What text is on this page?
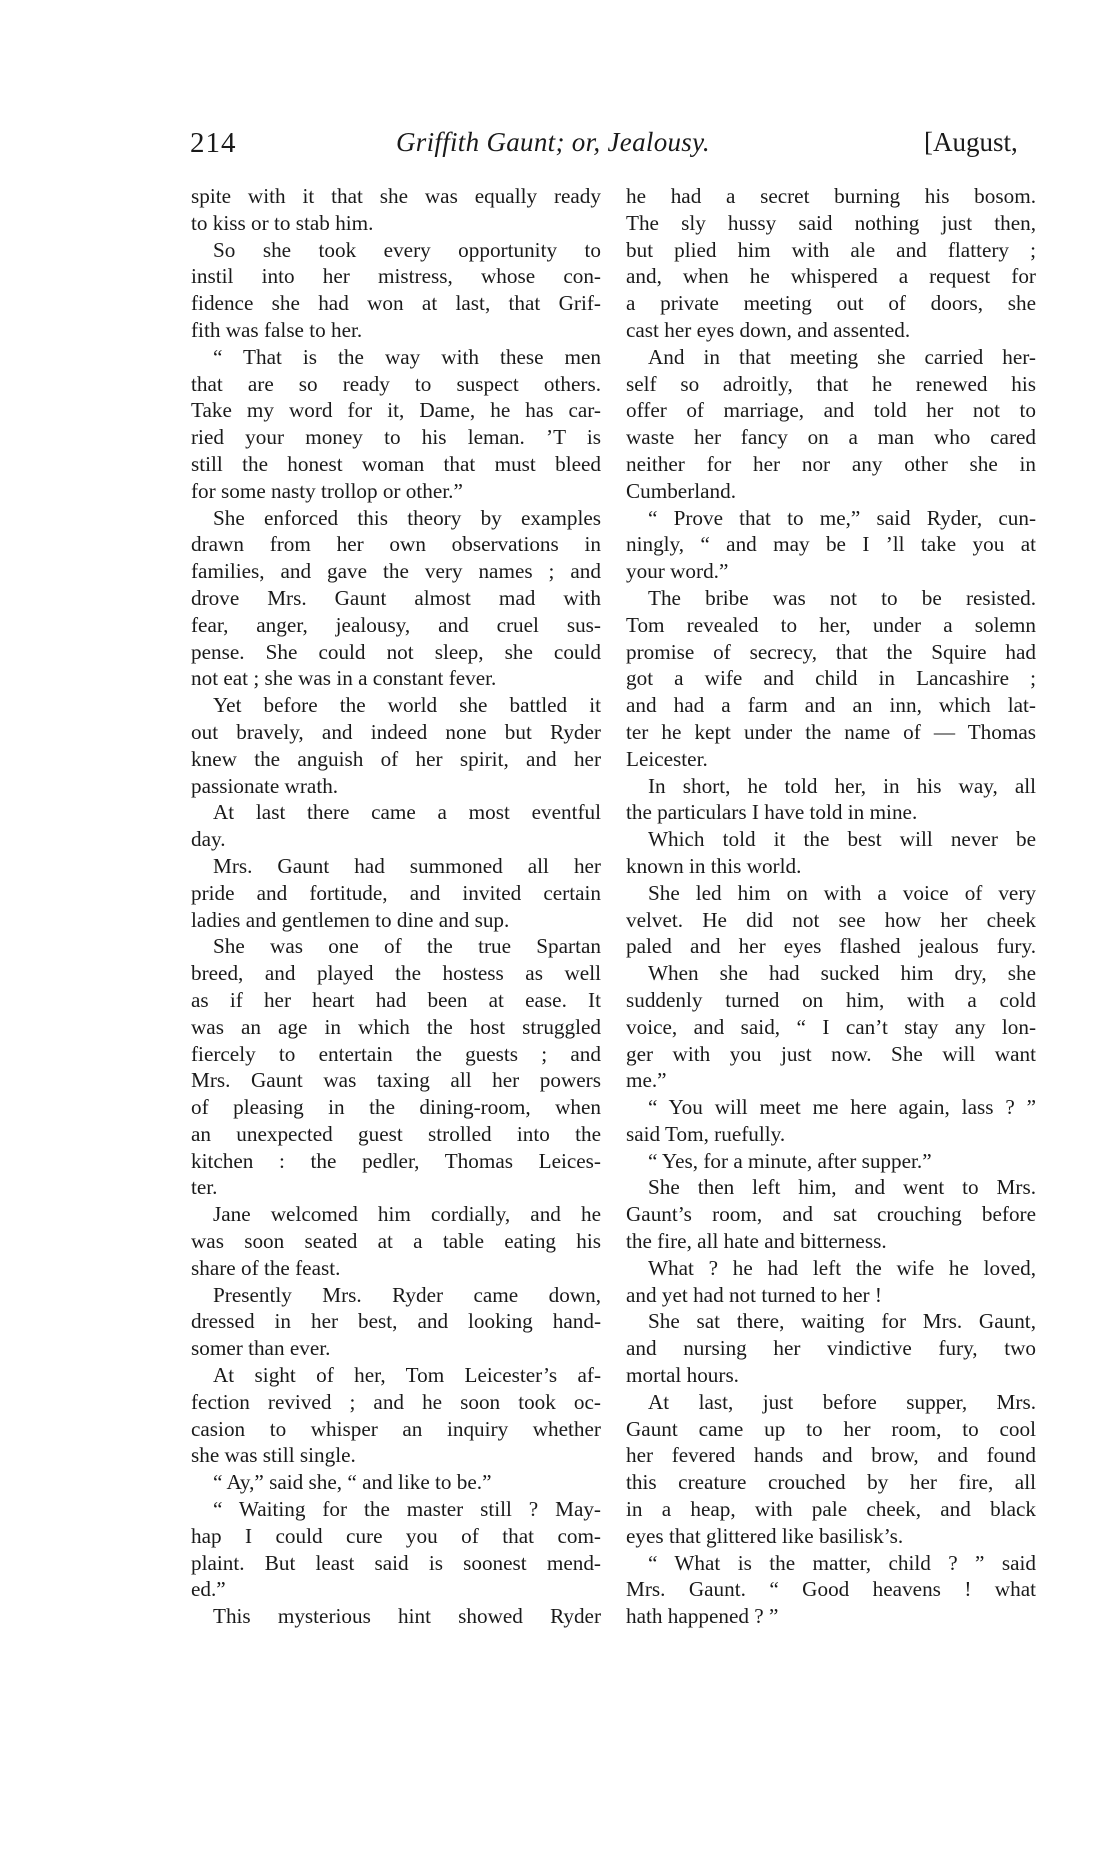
214	Griffith Gaunt; or, Jealousy.	[August,
spite with it that she was equally ready
to kiss or to stab him.
So she took every opportunity to
instil into her mistress, whose con-
fidence she had won at last, that Grif-
fith was false to her.
“ That is the way with these men
that are so ready to suspect others.
Take my word for it, Dame, he has car-
ried your money to his leman. ’T is
still the honest woman that must bleed
for some nasty trollop or other.”
She enforced this theory by examples
drawn from her own observations in
families, and gave the very names ; and
drove Mrs. Gaunt almost mad with
fear, anger, jealousy, and cruel sus-
pense. She could not sleep, she could
not eat ; she was in a constant fever.
Yet before the world she battled it
out bravely, and indeed none but Ryder
knew the anguish of her spirit, and her
passionate wrath.
At last there came a most eventful
day.
Mrs. Gaunt had summoned all her
pride and fortitude, and invited certain
ladies and gentlemen to dine and sup.
She was one of the true Spartan
breed, and played the hostess as well
as if her heart had been at ease. It
was an age in which the host struggled
fiercely to entertain the guests ; and
Mrs. Gaunt was taxing all her powers
of pleasing in the dining-room, when
an unexpected guest strolled into the
kitchen : the pedler, Thomas Leices-
ter.
Jane welcomed him cordially, and he
was soon seated at a table eating his
share of the feast.
Presently Mrs. Ryder came down,
dressed in her best, and looking hand-
somer than ever.
At sight of her, Tom Leicester’s af-
fection revived ; and he soon took oc-
casion to whisper an inquiry whether
she was still single.
“ Ay,” said she, “ and like to be.”
“ Waiting for the master still ? May-
hap I could cure you of that com-
plaint. But least said is soonest mend-
ed.”
This mysterious hint showed Ryder
he had a secret burning his bosom.
The sly hussy said nothing just then,
but plied him with ale and flattery ;
and, when he whispered a request for
a private meeting out of doors, she
cast her eyes down, and assented.
And in that meeting she carried her-
self so adroitly, that he renewed his
offer of marriage, and told her not to
waste her fancy on a man who cared
neither for her nor any other she in
Cumberland.
“ Prove that to me,” said Ryder, cun-
ningly, “ and may be I ’ll take you at
your word.”
The bribe was not to be resisted.
Tom revealed to her, under a solemn
promise of secrecy, that the Squire had
got a wife and child in Lancashire ;
and had a farm and an inn, which lat-
ter he kept under the name of — Thomas
Leicester.
In short, he told her, in his way, all
the particulars I have told in mine.
Which told it the best will never be
known in this world.
She led him on with a voice of very
velvet. He did not see how her cheek
paled and her eyes flashed jealous fury.
When she had sucked him dry, she
suddenly turned on him, with a cold
voice, and said, “ I can’t stay any lon-
ger with you just now. She will want
me.”
“ You will meet me here again, lass ? ”
said Tom, ruefully.
“ Yes, for a minute, after supper.”
She then left him, and went to Mrs.
Gaunt’s room, and sat crouching before
the fire, all hate and bitterness.
What ? he had left the wife he loved,
and yet had not turned to her !
She sat there, waiting for Mrs. Gaunt,
and nursing her vindictive fury, two
mortal hours.
At last, just before supper, Mrs.
Gaunt came up to her room, to cool
her fevered hands and brow, and found
this creature crouched by her fire, all
in a heap, with pale cheek, and black
eyes that glittered like basilisk’s.
“ What is the matter, child ? ” said
Mrs. Gaunt. “ Good heavens ! what
hath happened ? ”
